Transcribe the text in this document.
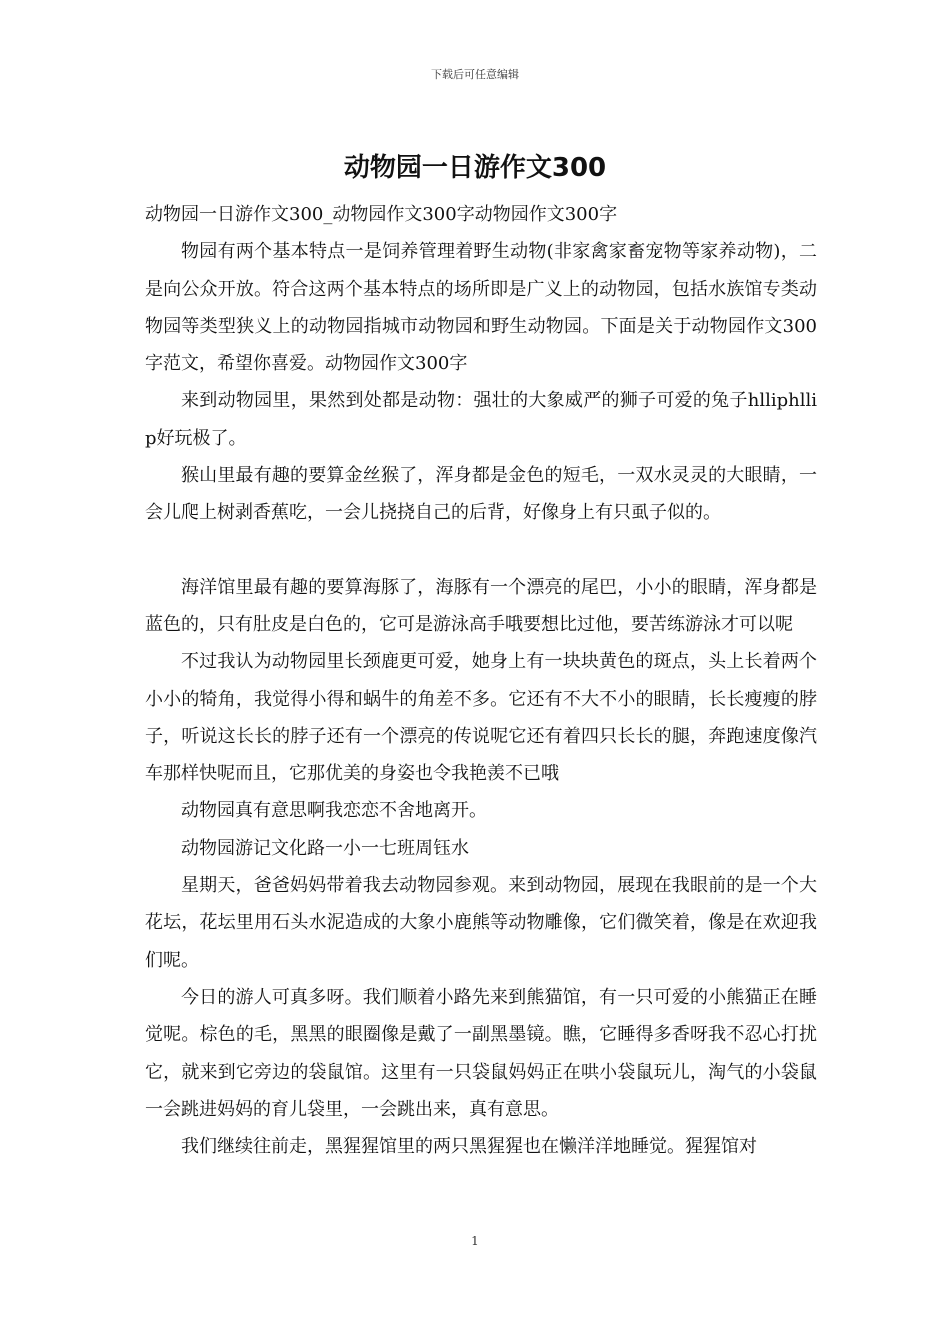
下载后可任意编辑
动物园一日游作文300

动物园一日游作文300_动物园作文300字动物园作文300字

物园有两个基本特点一是饲养管理着野生动物(非家禽家畜宠物等家养动物)，二是向公众开放。符合这两个基本特点的场所即是广义上的动物园，包括水族馆专类动物园等类型狭义上的动物园指城市动物园和野生动物园。下面是关于动物园作文300字范文，希望你喜爱。动物园作文300字

来到动物园里，果然到处都是动物：强壮的大象威严的狮子可爱的兔子hlliphllip好玩极了。

猴山里最有趣的要算金丝猴了，浑身都是金色的短毛，一双水灵灵的大眼睛，一会儿爬上树剥香蕉吃，一会儿挠挠自己的后背，好像身上有只虱子似的。

海洋馆里最有趣的要算海豚了，海豚有一个漂亮的尾巴，小小的眼睛，浑身都是蓝色的，只有肚皮是白色的，它可是游泳高手哦要想比过他，要苦练游泳才可以呢

不过我认为动物园里长颈鹿更可爱，她身上有一块块黄色的斑点，头上长着两个小小的犄角，我觉得小得和蜗牛的角差不多。它还有不大不小的眼睛，长长瘦瘦的脖子，听说这长长的脖子还有一个漂亮的传说呢它还有着四只长长的腿，奔跑速度像汽车那样快呢而且，它那优美的身姿也令我艳羡不已哦

动物园真有意思啊我恋恋不舍地离开。

动物园游记文化路一小一七班周钰水

星期天，爸爸妈妈带着我去动物园参观。来到动物园，展现在我眼前的是一个大花坛，花坛里用石头水泥造成的大象小鹿熊等动物雕像，它们微笑着，像是在欢迎我们呢。

今日的游人可真多呀。我们顺着小路先来到熊猫馆，有一只可爱的小熊猫正在睡觉呢。棕色的毛，黑黑的眼圈像是戴了一副黑墨镜。瞧，它睡得多香呀我不忍心打扰它，就来到它旁边的袋鼠馆。这里有一只袋鼠妈妈正在哄小袋鼠玩儿，淘气的小袋鼠一会跳进妈妈的育儿袋里，一会跳出来，真有意思。

我们继续往前走，黑猩猩馆里的两只黑猩猩也在懒洋洋地睡觉。猩猩馆对

1
